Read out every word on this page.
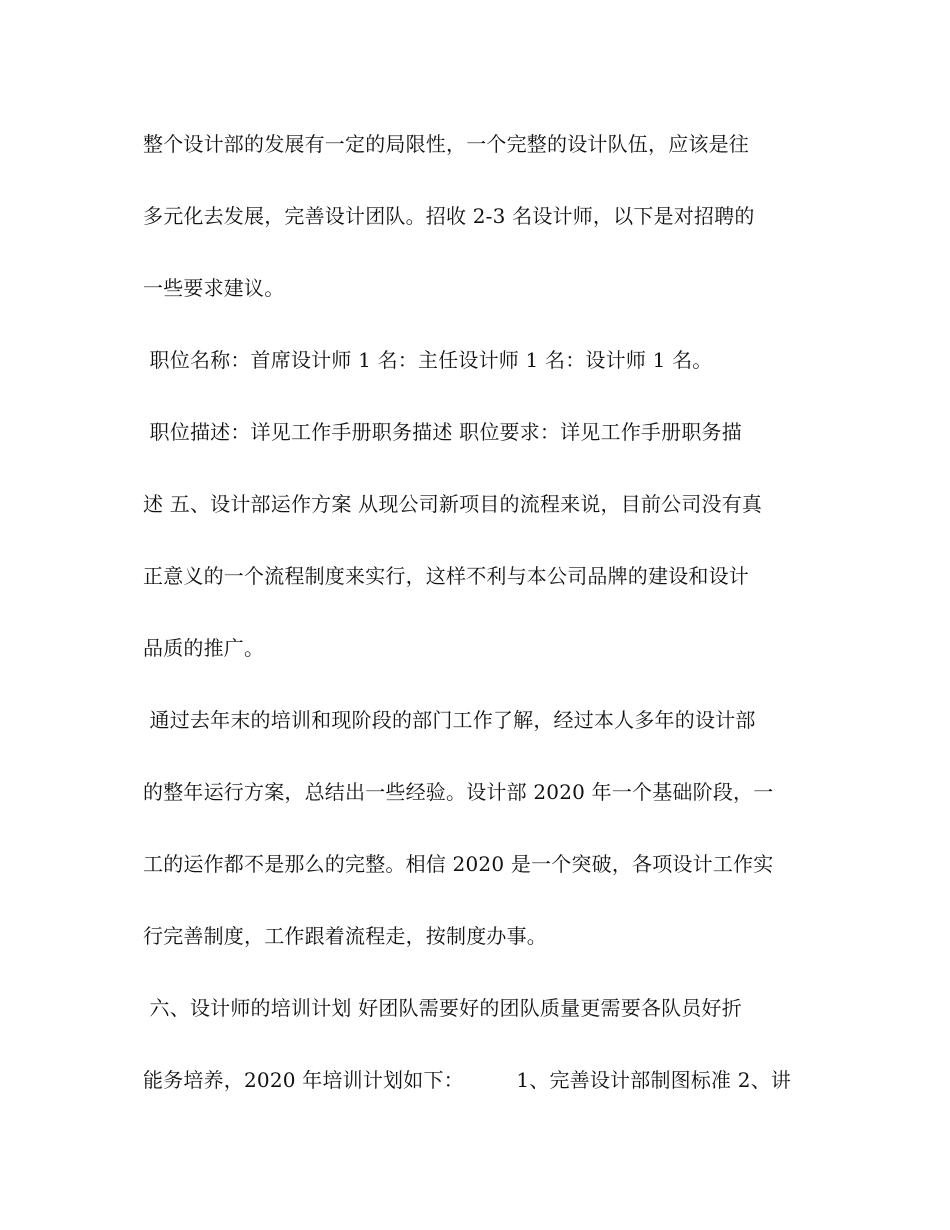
整个设计部的发展有一定的局限性，一个完整的设计队伍，应该是往
多元化去发展，完善设计团队。招收 2-3 名设计师，以下是对招聘的
一些要求建议。
职位名称：首席设计师 1 名：主任设计师 1 名：设计师 1 名。
职位描述：详见工作手册职务描述 职位要求：详见工作手册职务描
述 五、设计部运作方案 从现公司新项目的流程来说，目前公司没有真
正意义的一个流程制度来实行，这样不利与本公司品牌的建设和设计
品质的推广。
通过去年末的培训和现阶段的部门工作了解，经过本人多年的设计部
的整年运行方案，总结出一些经验。设计部 2020 年一个基础阶段，一
工的运作都不是那么的完整。相信 2020 是一个突破，各项设计工作实
行完善制度，工作跟着流程走，按制度办事。
六、设计师的培训计划 好团队需要好的团队质量更需要各队员好折
能务培养，2020 年培训计划如下：        1、完善设计部制图标准 2、讲
